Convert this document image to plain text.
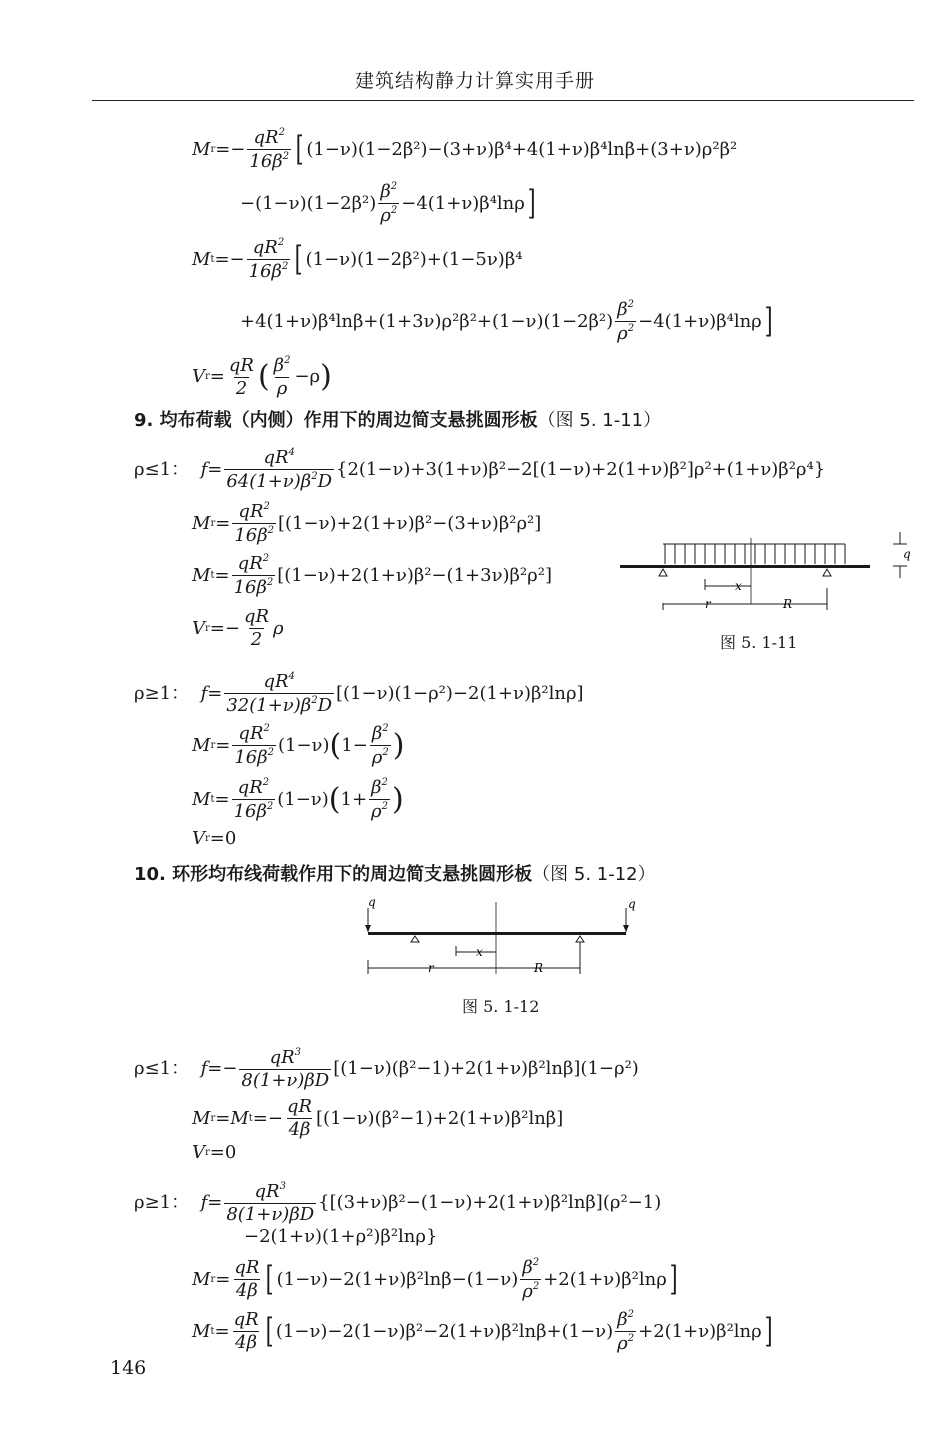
建筑结构静力计算实用手册
M $r =- \frac{qR^2}{16\beta^2}$ [ (1−ν)(1−2β²)−(3+ν)β⁴+4(1+ν)β⁴lnβ+(3+ν)ρ²β²
$-(1-\nu)(1-2\beta^2) \frac{\beta^2}{\rho^2} -4(1+\nu)\beta^4\ln\rho$ ]
M $t =- \frac{qR^2}{16\beta^2}$ [ (1−ν)(1−2β²)+(1−5ν)β⁴
$+4(1+\nu)\beta^4\ln\beta+(1+3\nu)\rho^2\beta^2+(1-\nu)(1-2\beta^2) \frac{\beta^2}{\rho^2} -4(1+\nu)\beta^4\ln\rho$ ]
V $r = \frac{qR}{2}$ ( $\frac{\beta^2}{\rho} -\rho$ )
9. 均布荷载（内侧）作用下的周边简支悬挑圆形板（图 5. 1-11）
ρ≤1：
$f = \frac{qR^4}{64(1+\nu)\beta^2D} \{2(1-\nu)+3(1+\nu)\beta^2-2[(1-\nu)+2(1+\nu)\beta^2]\rho^2+(1+\nu)\beta^2\rho^4\}$
M $r = \frac{qR^2}{16\beta^2} [(1-\nu)+2(1+\nu)\beta^2-(3+\nu)\beta^2\rho^2]$
M $t = \frac{qR^2}{16\beta^2} [(1-\nu)+2(1+\nu)\beta^2-(1+3\nu)\beta^2\rho^2]$
V $r =- \frac{qR}{2}$ ρ
x
r	R
q
图 5. 1-11
ρ≥1：
$f = \frac{qR^4}{32(1+\nu)\beta^2D} [(1-\nu)(1-\rho^2)-2(1+\nu)\beta^2\ln\rho]$
M $r = \frac{qR^2}{16\beta^2} (1-\nu)$ ( $1- \frac{\beta^2}{\rho^2}$ )
M $t = \frac{qR^2}{16\beta^2} (1-\nu)$ ( $1+ \frac{\beta^2}{\rho^2}$ )
V r =0
10. 环形均布线荷载作用下的周边简支悬挑圆形板（图 5. 1-12）
q	q
x
r	R
图 5. 1-12
ρ≤1：
$f =- \frac{qR^3}{8(1+\nu)\beta D} [(1-\nu)(\beta^2-1)+2(1+\nu)\beta^2\ln\beta](1-\rho^2)$
M r = M $t =- \frac{qR}{4\beta} [(1-\nu)(\beta^2-1)+2(1+\nu)\beta^2\ln\beta]$
V r =0
ρ≥1：
$f = \frac{qR^3}{8(1+\nu)\beta D} \{[(3+\nu)\beta^2-(1-\nu)+2(1+\nu)\beta^2\ln\beta](\rho^2-1)$
−2(1+ν)(1+ρ²)β²lnρ}
M $r = \frac{qR}{4\beta}$ [ $(1-\nu)-2(1+\nu)\beta^2\ln\beta-(1-\nu) \frac{\beta^2}{\rho^2} +2(1+\nu)\beta^2\ln\rho$ ]
M $t = \frac{qR}{4\beta}$ [ $(1-\nu)-2(1-\nu)\beta^2-2(1+\nu)\beta^2\ln\beta+(1-\nu) \frac{\beta^2}{\rho^2} +2(1+\nu)\beta^2\ln\rho$ ]
146
